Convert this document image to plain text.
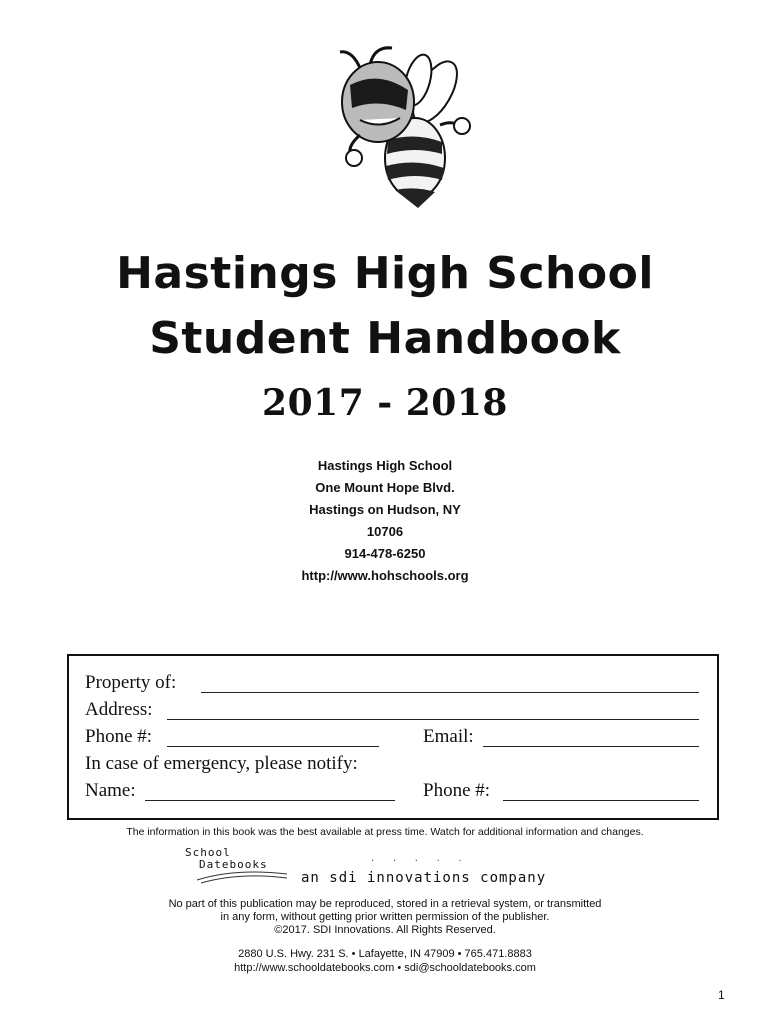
Hastings High School
Student Handbook
2017 - 2018
Hastings High School
One Mount Hope Blvd.
Hastings on Hudson, NY
10706
914-478-6250
http://www.hohschools.org
Property of:
Address:
Phone #:	Email:
In case of emergency, please notify:
Name:	Phone #:
The information in this book was the best available at press time. Watch for additional information and changes.
School
Datebooks	· · · · ·
an sdi innovations company
No part of this publication may be reproduced, stored in a retrieval system, or transmitted
in any form, without getting prior written permission of the publisher.
©2017. SDI Innovations. All Rights Reserved.
2880 U.S. Hwy. 231 S. • Lafayette, IN 47909 • 765.471.8883
http://www.schooldatebooks.com • sdi@schooldatebooks.com
1
